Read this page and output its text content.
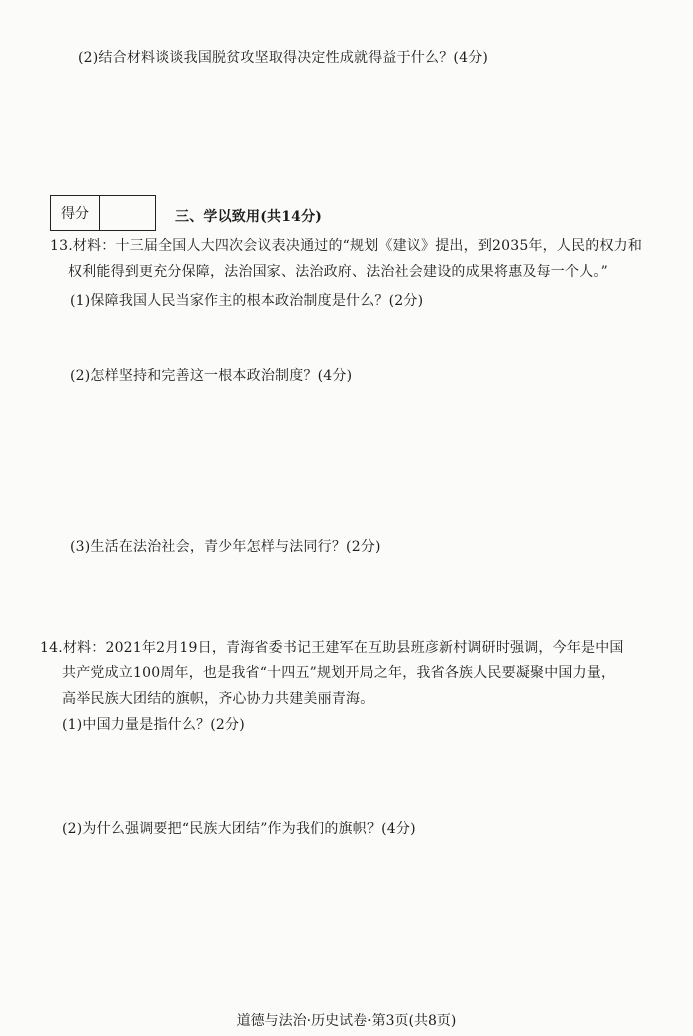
(2)结合材料谈谈我国脱贫攻坚取得决定性成就得益于什么？(4分)
得分	三、学以致用(共14分)
13.材料：十三届全国人大四次会议表决通过的“规划《建议》提出，到2035年，人民的权力和
权利能得到更充分保障，法治国家、法治政府、法治社会建设的成果将惠及每一个人。”
(1)保障我国人民当家作主的根本政治制度是什么？(2分)
(2)怎样坚持和完善这一根本政治制度？(4分)
(3)生活在法治社会，青少年怎样与法同行？(2分)
14.材料：2021年2月19日，青海省委书记王建军在互助县班彦新村调研时强调，今年是中国
共产党成立100周年，也是我省“十四五”规划开局之年，我省各族人民要凝聚中国力量，
高举民族大团结的旗帜，齐心协力共建美丽青海。
(1)中国力量是指什么？(2分)
(2)为什么强调要把“民族大团结”作为我们的旗帜？(4分)
道德与法治·历史试卷·第3页(共8页)
